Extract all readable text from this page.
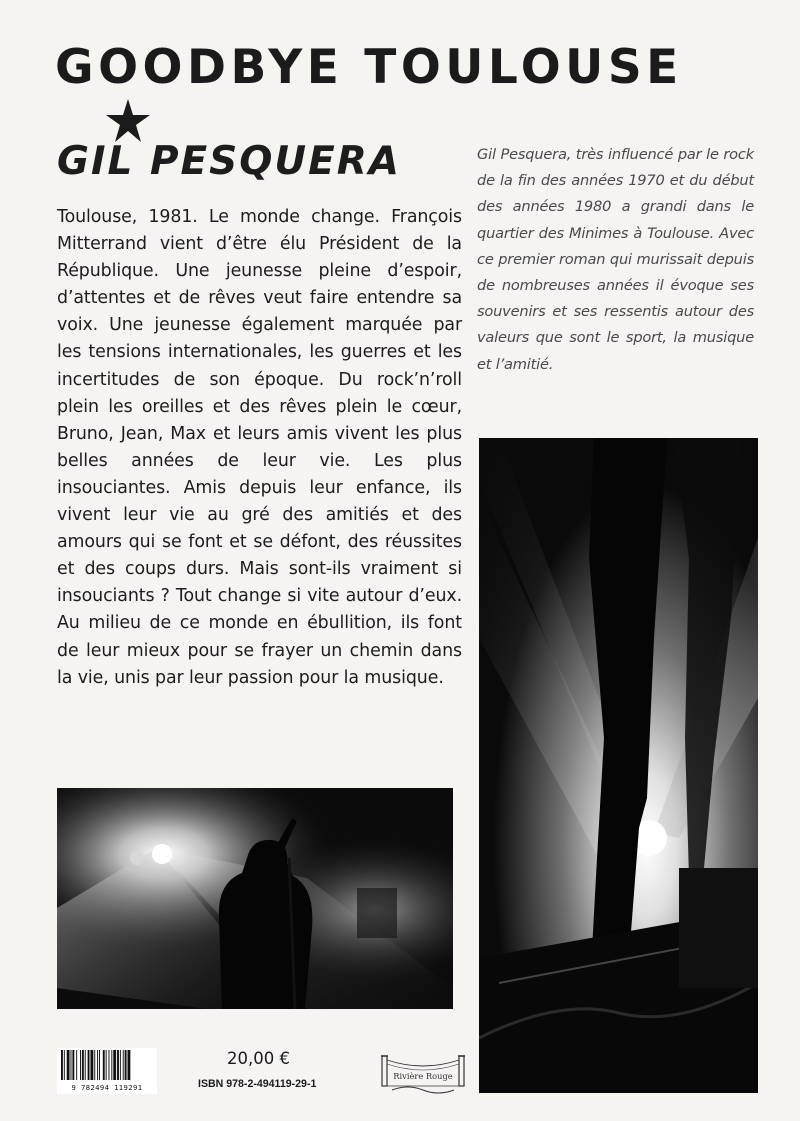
GOODBYE TOULOUSE
GIL PESQUERA

Toulouse, 1981. Le monde change. François Mitterrand vient d’être élu Président de la République. Une jeunesse pleine d’espoir, d’attentes et de rêves veut faire entendre sa voix. Une jeunesse également marquée par les tensions internationales, les guerres et les incertitudes de son époque. Du rock’n’roll plein les oreilles et des rêves plein le cœur, Bruno, Jean, Max et leurs amis vivent les plus belles années de leur vie. Les plus insouciantes. Amis depuis leur enfance, ils vivent leur vie au gré des amitiés et des amours qui se font et se défont, des réussites et des coups durs. Mais sont-ils vraiment si insouciants ? Tout change si vite autour d’eux. Au milieu de ce monde en ébullition, ils font de leur mieux pour se frayer un chemin dans la vie, unis par leur passion pour la musique.

Gil Pesquera, très influencé par le rock de la fin des années 1970 et du début des années 1980 a grandi dans le quartier des Minimes à Toulouse. Avec ce premier roman qui murissait depuis de nombreuses années il évoque ses souvenirs et ses ressentis autour des valeurs que sont le sport, la musique et l’amitié.

9 782494 119291
20,00 €
ISBN 978-2-494119-29-1
Rivière Rouge
